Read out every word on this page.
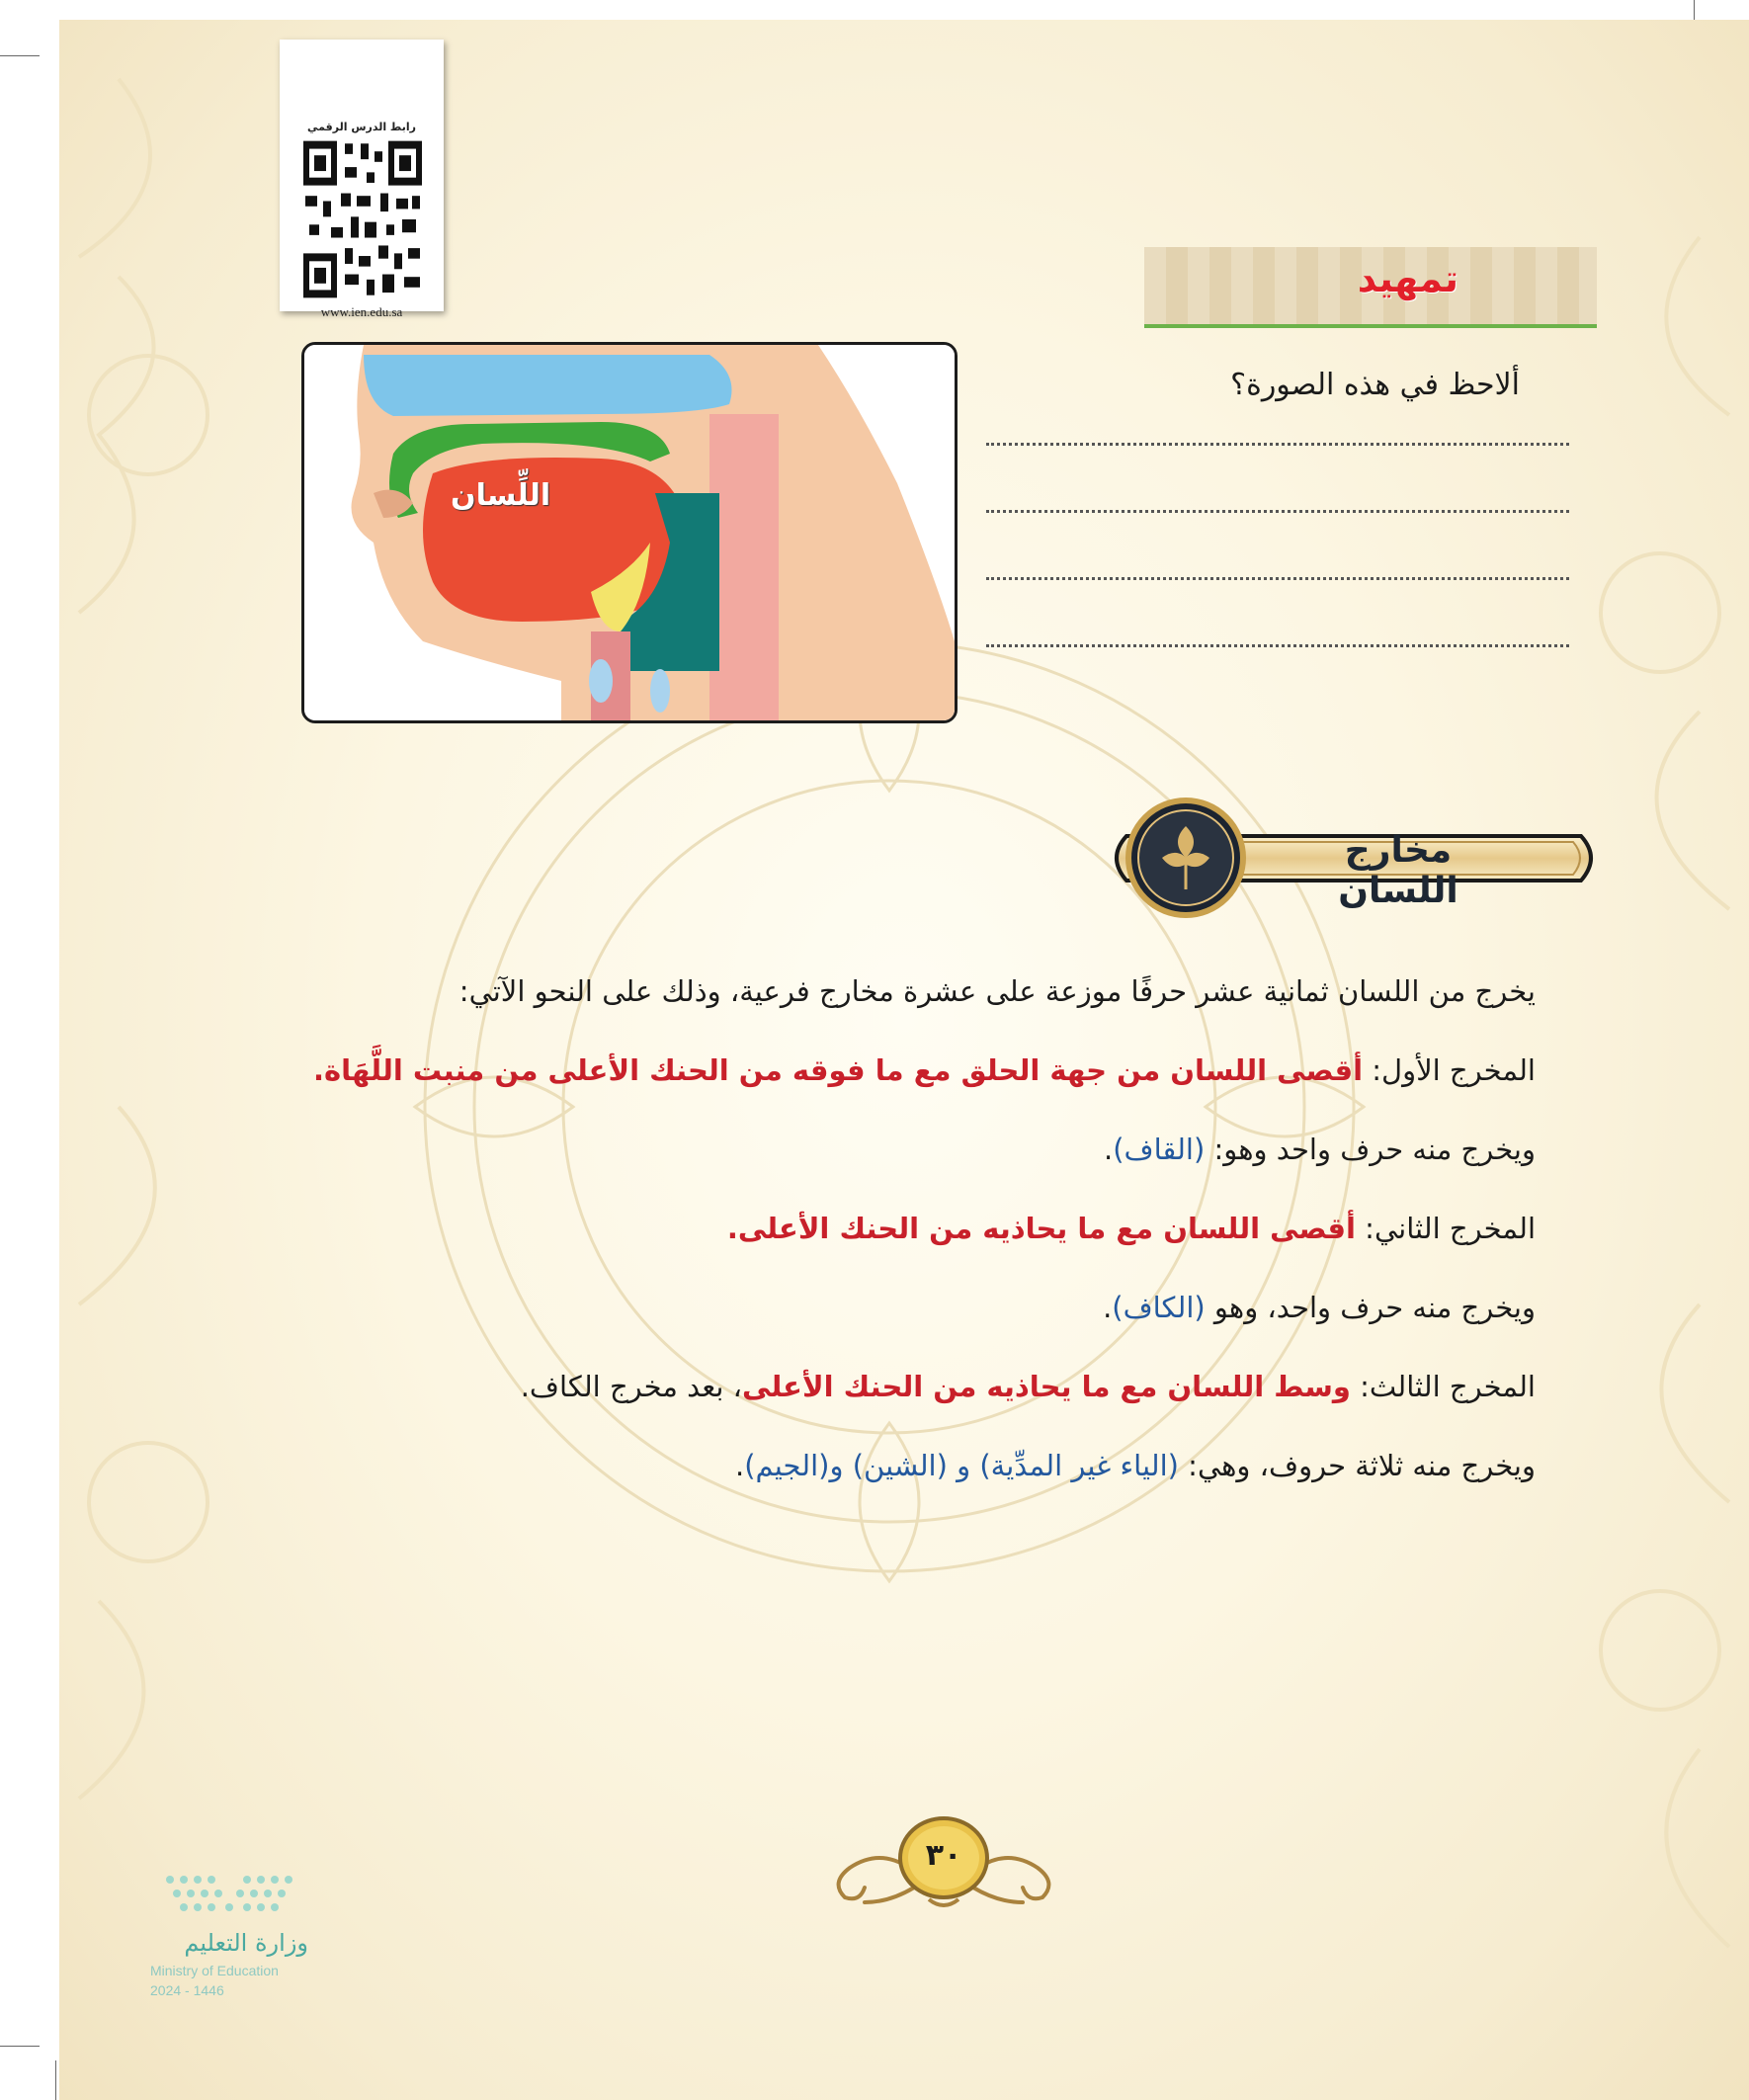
رابط الدرس الرقمي
www.ien.edu.sa
تمهيد
اللِّسان
ألاحظ في هذه الصورة؟
مخارج اللسان
يخرج من اللسان ثمانية عشر حرفًا موزعة على عشرة مخارج فرعية، وذلك على النحو الآتي:
المخرج الأول: أقصى اللسان من جهة الحلق مع ما فوقه من الحنك الأعلى من منبت اللَّهَاة.
ويخرج منه حرف واحد وهو: (القاف).
المخرج الثاني: أقصى اللسان مع ما يحاذيه من الحنك الأعلى.
ويخرج منه حرف واحد، وهو (الكاف).
المخرج الثالث: وسط اللسان مع ما يحاذيه من الحنك الأعلى، بعد مخرج الكاف.
ويخرج منه ثلاثة حروف، وهي: (الياء غير المدِّية) و (الشين) و(الجيم).
٣٠
وزارة التعليم
Ministry of Education
2024 - 1446
